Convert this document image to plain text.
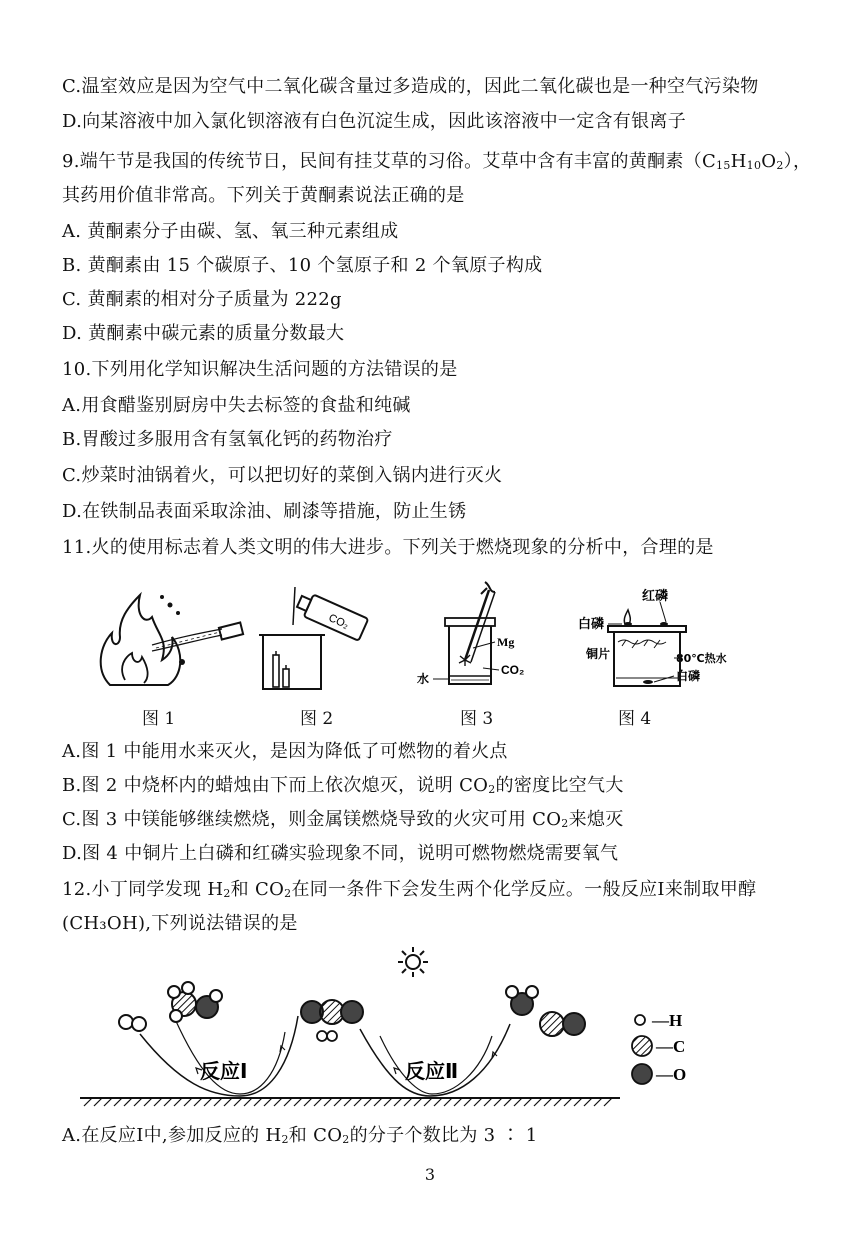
C.温室效应是因为空气中二氧化碳含量过多造成的，因此二氧化碳也是一种空气污染物
D.向某溶液中加入氯化钡溶液有白色沉淀生成，因此该溶液中一定含有银离子
9.端午节是我国的传统节日，民间有挂艾草的习俗。艾草中含有丰富的黄酮素$(C_{15}H_{10}O_2)$，
其药用价值非常高。下列关于黄酮素说法正确的是
A. 黄酮素分子由碳、氢、氧三种元素组成
B. 黄酮素由 15 个碳原子、10 个氢原子和 2 个氧原子构成
C. 黄酮素的相对分子质量为 222g
D. 黄酮素中碳元素的质量分数最大
10.下列用化学知识解决生活问题的方法错误的是
A.用食醋鉴别厨房中失去标签的食盐和纯碱
B.胃酸过多服用含有氢氧化钙的药物治疗
C.炒菜时油锅着火，可以把切好的菜倒入锅内进行灭火
D.在铁制品表面采取涂油、刷漆等措施，防止生锈
11.火的使用标志着人类文明的伟大进步。下列关于燃烧现象的分析中，合理的是
CO₂
Mg
CO₂
水
红磷
白磷
铜片	80℃热水
白磷
图 1	图 2	图 3	图 4
A.图 1 中能用水来灭火，是因为降低了可燃物的着火点
B.图 2 中烧杯内的蜡烛由下而上依次熄灭，说明 $CO_2$的密度比空气大
C.图 3 中镁能够继续燃烧，则金属镁燃烧导致的火灾可用 $CO_2$来熄灭
D.图 4 中铜片上白磷和红磷实验现象不同，说明可燃物燃烧需要氧气
12.小丁同学发现 $H_2$和 $CO_2$在同一条件下会发生两个化学反应。一般反应Ⅰ来制取甲醇
(CH₃OH),下列说法错误的是
反应Ⅰ	反应Ⅱ
—H
—C
—O
A.在反应Ⅰ中,参加反应的 $H_2$和 $CO_2$的分子个数比为 3 ∶ 1
3
